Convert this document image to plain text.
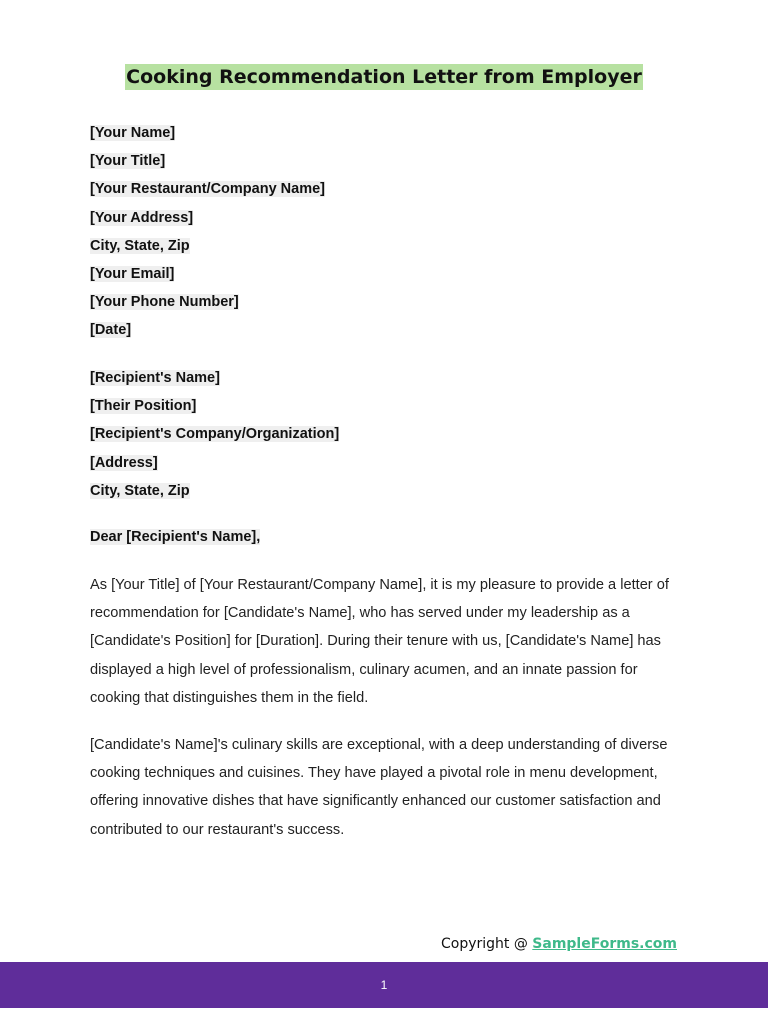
Cooking Recommendation Letter from Employer
[Your Name]
[Your Title]
[Your Restaurant/Company Name]
[Your Address]
City, State, Zip
[Your Email]
[Your Phone Number]
[Date]
[Recipient's Name]
[Their Position]
[Recipient's Company/Organization]
[Address]
City, State, Zip
Dear [Recipient's Name],

As [Your Title] of [Your Restaurant/Company Name], it is my pleasure to provide a letter of recommendation for [Candidate's Name], who has served under my leadership as a [Candidate's Position] for [Duration]. During their tenure with us, [Candidate's Name] has displayed a high level of professionalism, culinary acumen, and an innate passion for cooking that distinguishes them in the field.

[Candidate's Name]'s culinary skills are exceptional, with a deep understanding of diverse cooking techniques and cuisines. They have played a pivotal role in menu development, offering innovative dishes that have significantly enhanced our customer satisfaction and contributed to our restaurant's success.

Copyright @ SampleForms.com
1
